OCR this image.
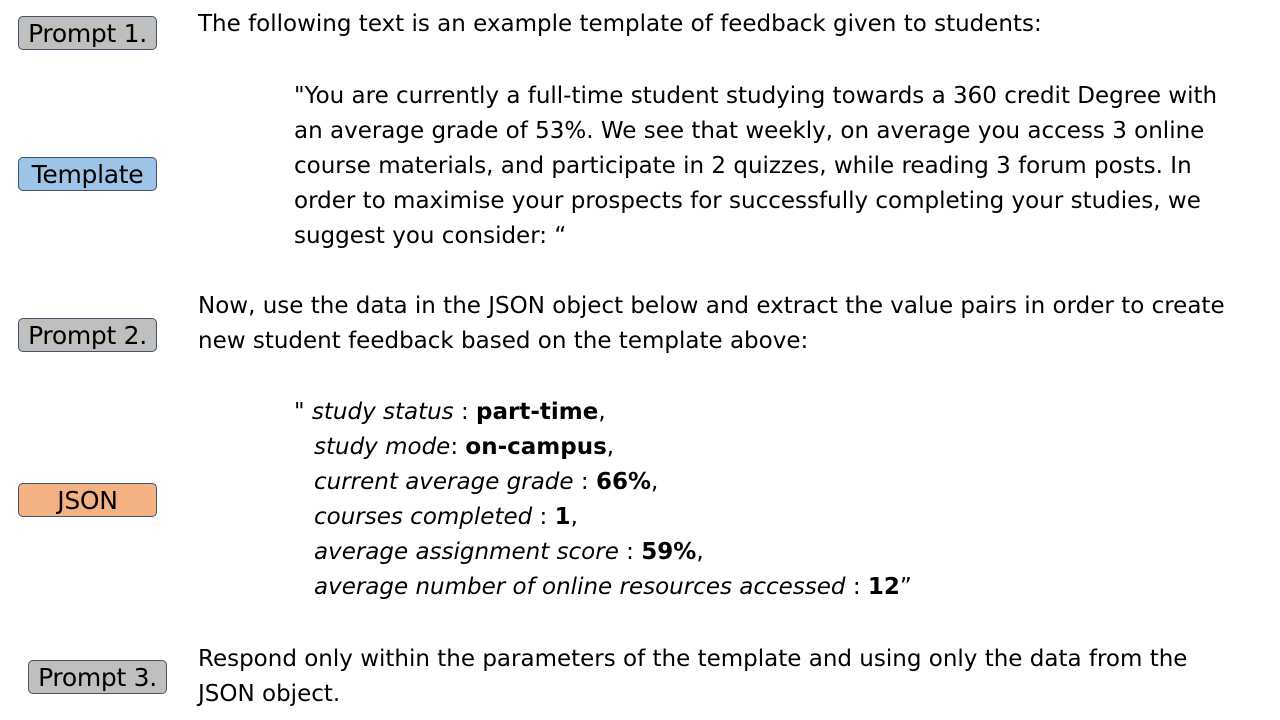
Prompt 1.
Template
Prompt 2.
JSON
Prompt 3.

The following text is an example template of feedback given to students:

"You are currently a full-time student studying towards a 360 credit Degree with
an average grade of 53%. We see that weekly, on average you access 3 online
course materials, and participate in 2 quizzes, while reading 3 forum posts. In
order to maximise your prospects for successfully completing your studies, we
suggest you consider: “
Now, use the data in the JSON object below and extract the value pairs in order to create
new student feedback based on the template above:
" study status : part-time,
study mode: on-campus,
current average grade : 66%,
courses completed : 1,
average assignment score : 59%,
average number of online resources accessed : 12”
Respond only within the parameters of the template and using only the data from the
JSON object.
